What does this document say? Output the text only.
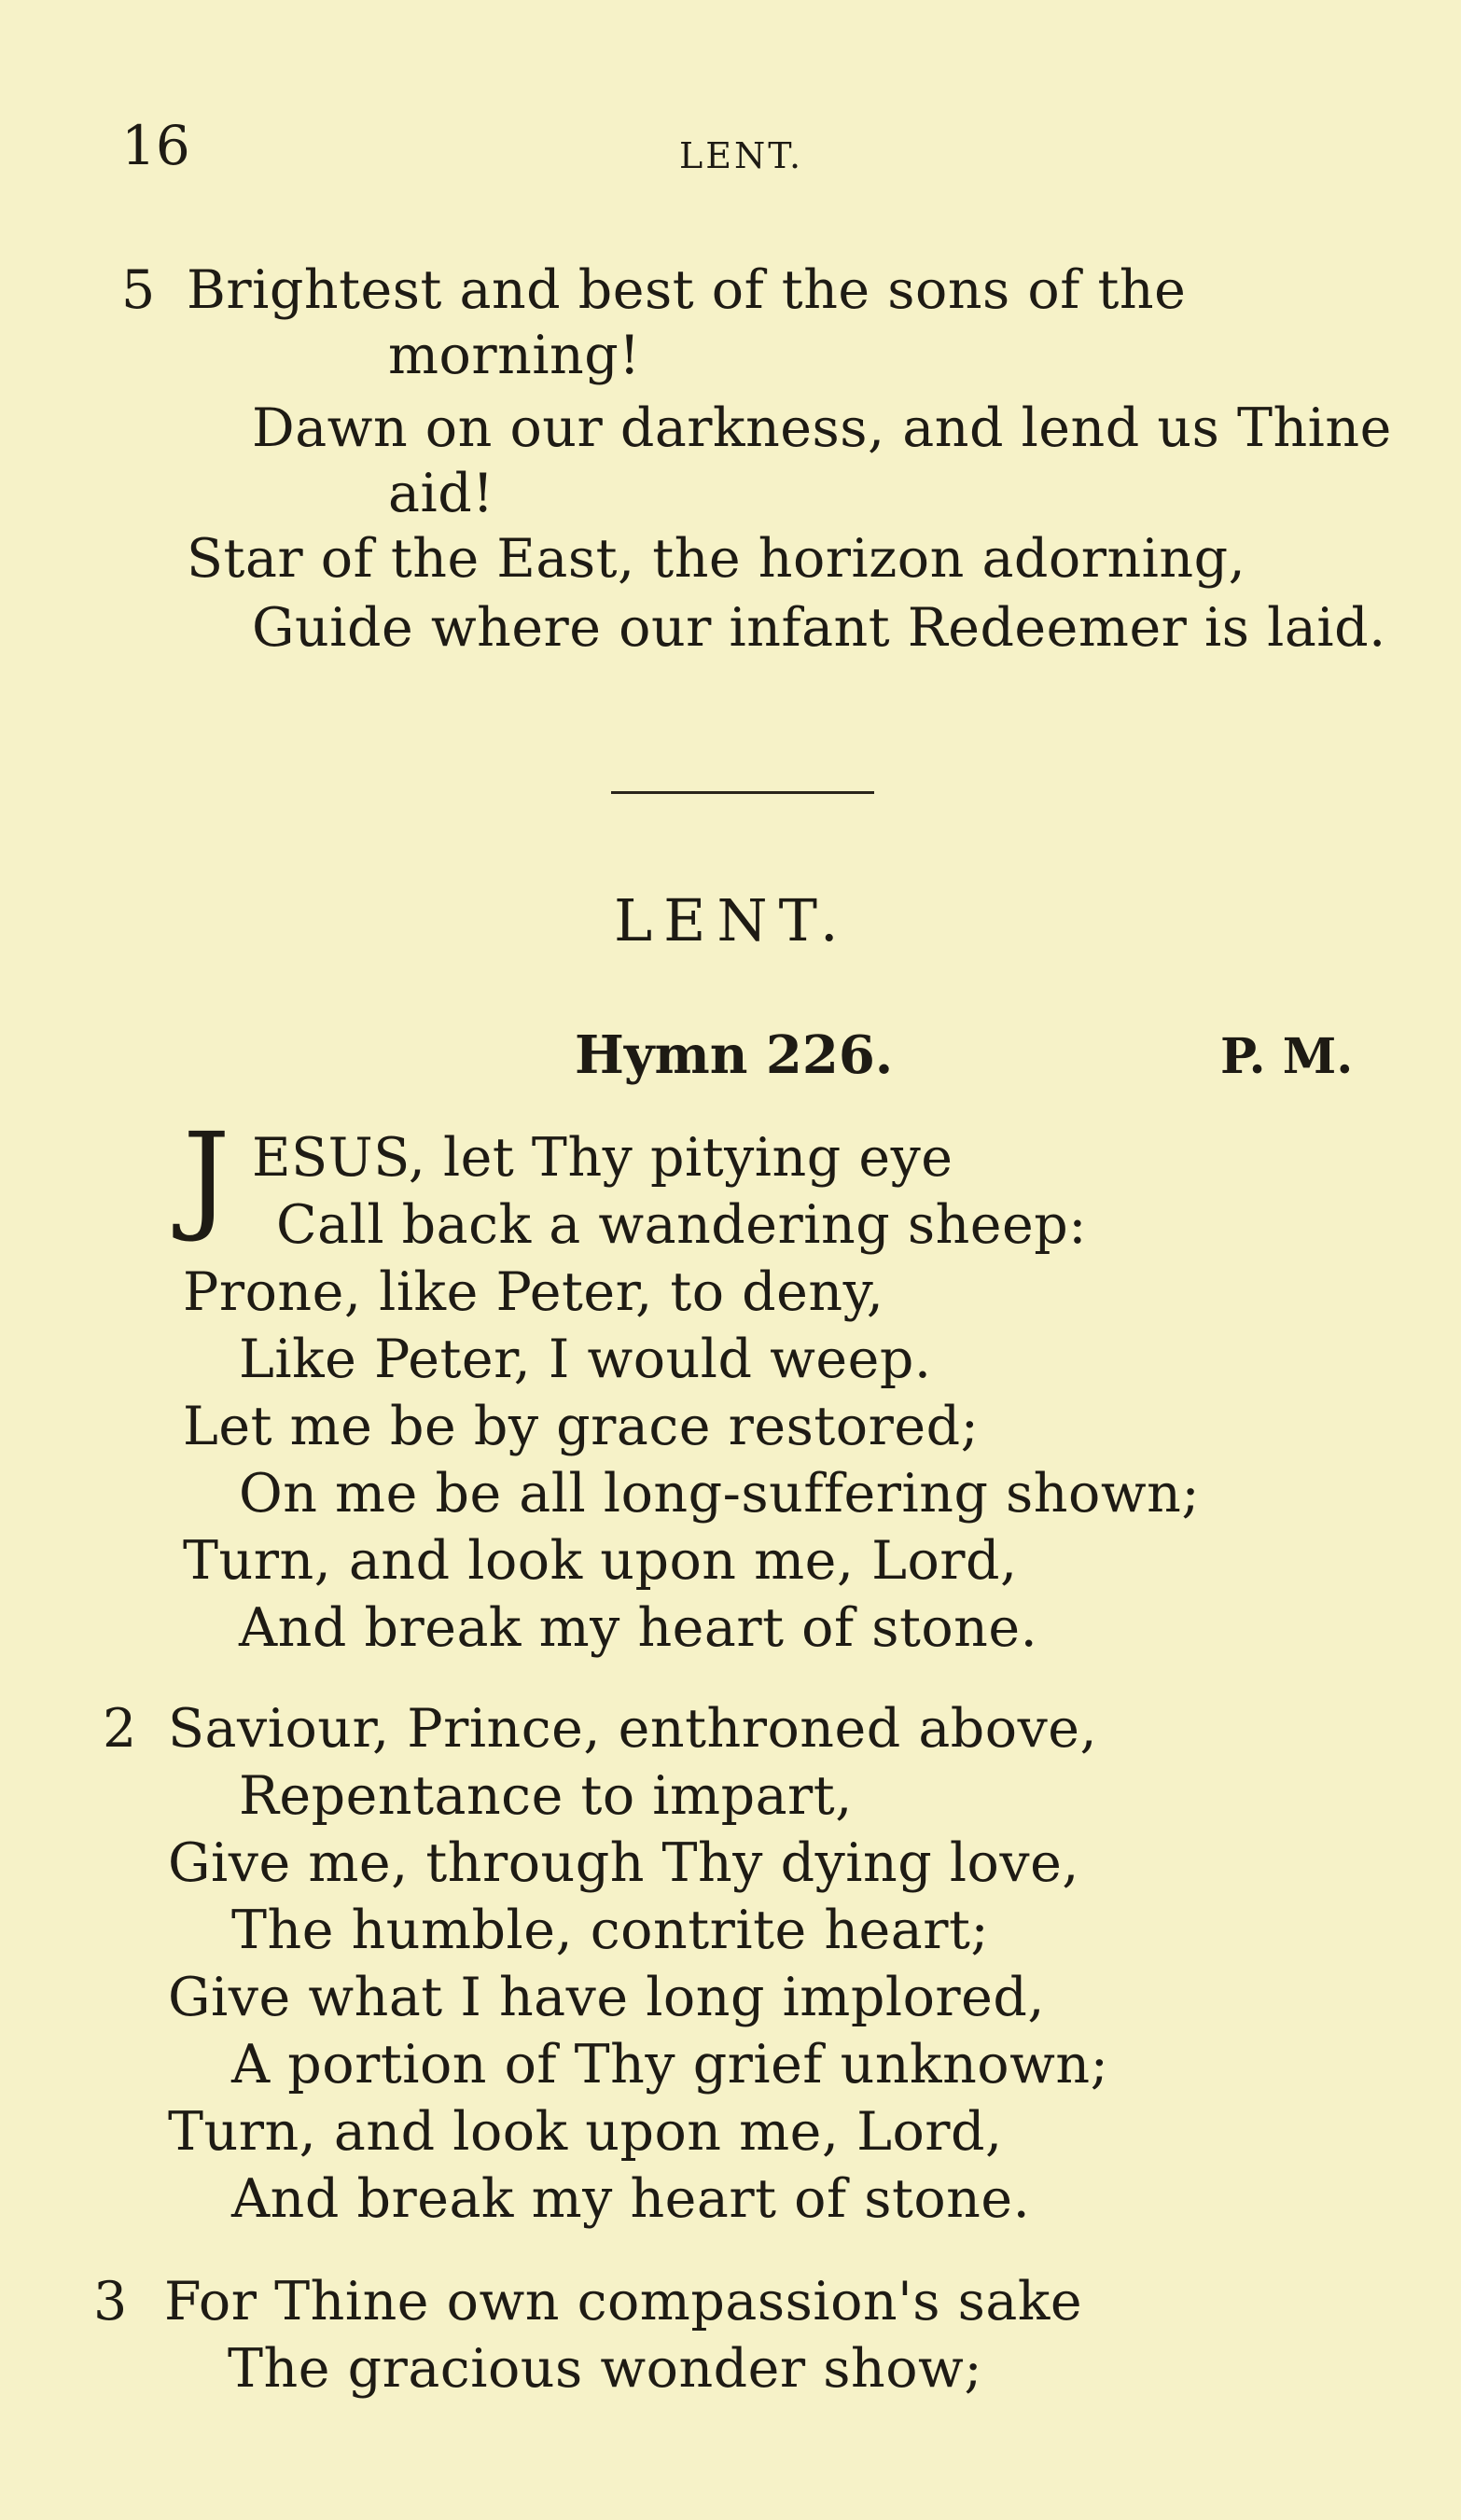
16	LENT.
5 Brightest and best of the sons of the
morning!
Dawn on our darkness, and lend us Thine
aid!
Star of the East, the horizon adorning,
Guide where our infant Redeemer is laid.
LENT.
Hymn 226.	P. M.
J ESUS, let Thy pitying eye
Call back a wandering sheep:
Prone, like Peter, to deny,
Like Peter, I would weep.
Let me be by grace restored;
On me be all long-suffering shown;
Turn, and look upon me, Lord,
And break my heart of stone.
2 Saviour, Prince, enthroned above,
Repentance to impart,
Give me, through Thy dying love,
The humble, contrite heart;
Give what I have long implored,
A portion of Thy grief unknown;
Turn, and look upon me, Lord,
And break my heart of stone.
3 For Thine own compassion's sake
The gracious wonder show;
